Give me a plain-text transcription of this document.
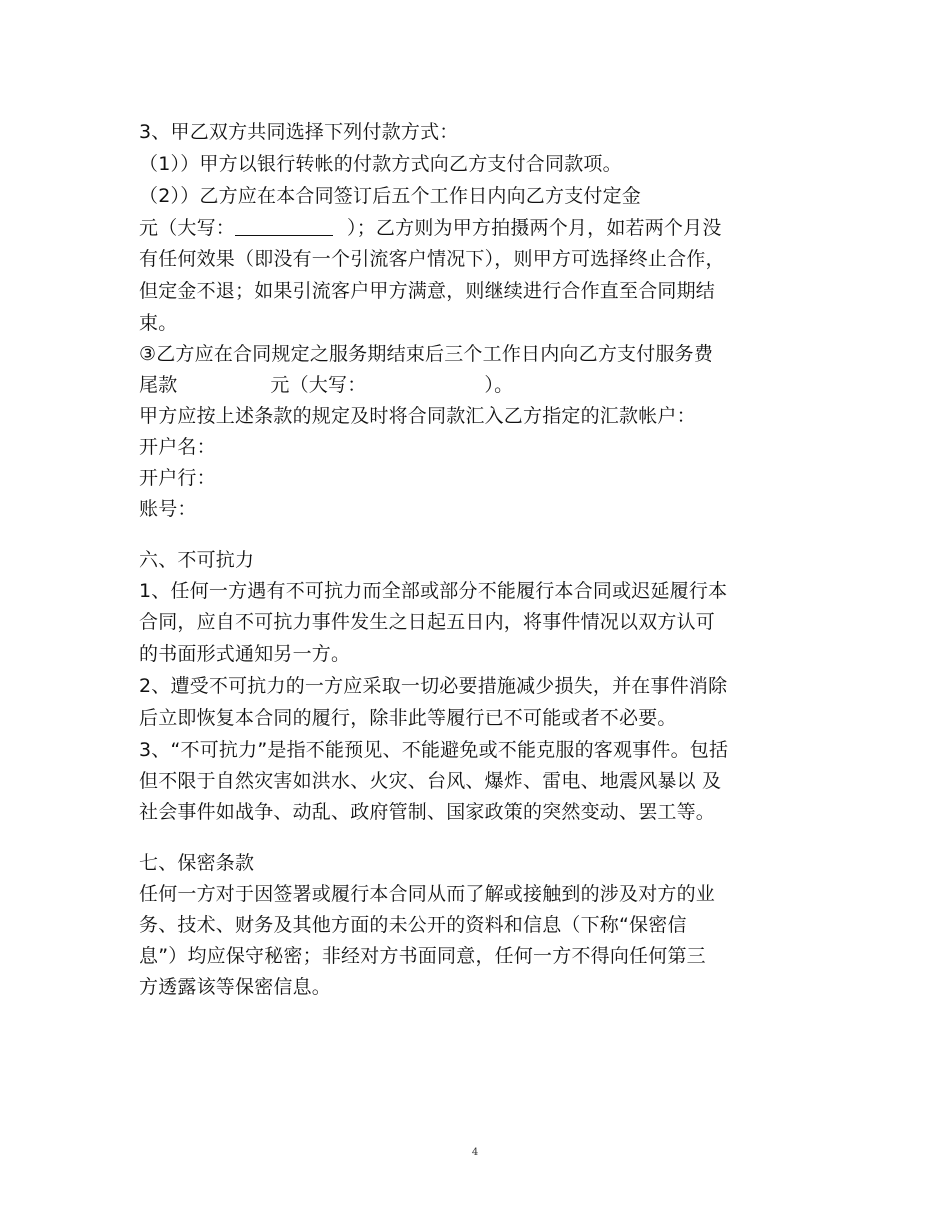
3、甲乙双方共同选择下列付款方式：
（1））甲方以银行转帐的付款方式向乙方支付合同款项。
（2））乙方应在本合同签订后五个工作日内向乙方支付定金
元（大写：	）；乙方则为甲方拍摄两个月，如若两个月没
有任何效果（即没有一个引流客户情况下），则甲方可选择终止合作，
但定金不退；如果引流客户甲方满意，则继续进行合作直至合同期结
束。
③乙方应在合同规定之服务期结束后三个工作日内向乙方支付服务费
尾款	元（大写：	）。
甲方应按上述条款的规定及时将合同款汇入乙方指定的汇款帐户：
开户名：
开户行：
账号：
六、不可抗力
1、任何一方遇有不可抗力而全部或部分不能履行本合同或迟延履行本
合同，应自不可抗力事件发生之日起五日内，将事件情况以双方认可
的书面形式通知另一方。
2、遭受不可抗力的一方应采取一切必要措施减少损失，并在事件消除
后立即恢复本合同的履行，除非此等履行已不可能或者不必要。
3、“不可抗力”是指不能预见、不能避免或不能克服的客观事件。包括
但不限于自然灾害如洪水、火灾、台风、爆炸、雷电、地震风暴以 及
社会事件如战争、动乱、政府管制、国家政策的突然变动、罢工等。
七、保密条款
任何一方对于因签署或履行本合同从而了解或接触到的涉及对方的业
务、技术、财务及其他方面的未公开的资料和信息（下称“保密信
息”）均应保守秘密；非经对方书面同意，任何一方不得向任何第三
方透露该等保密信息。
4
